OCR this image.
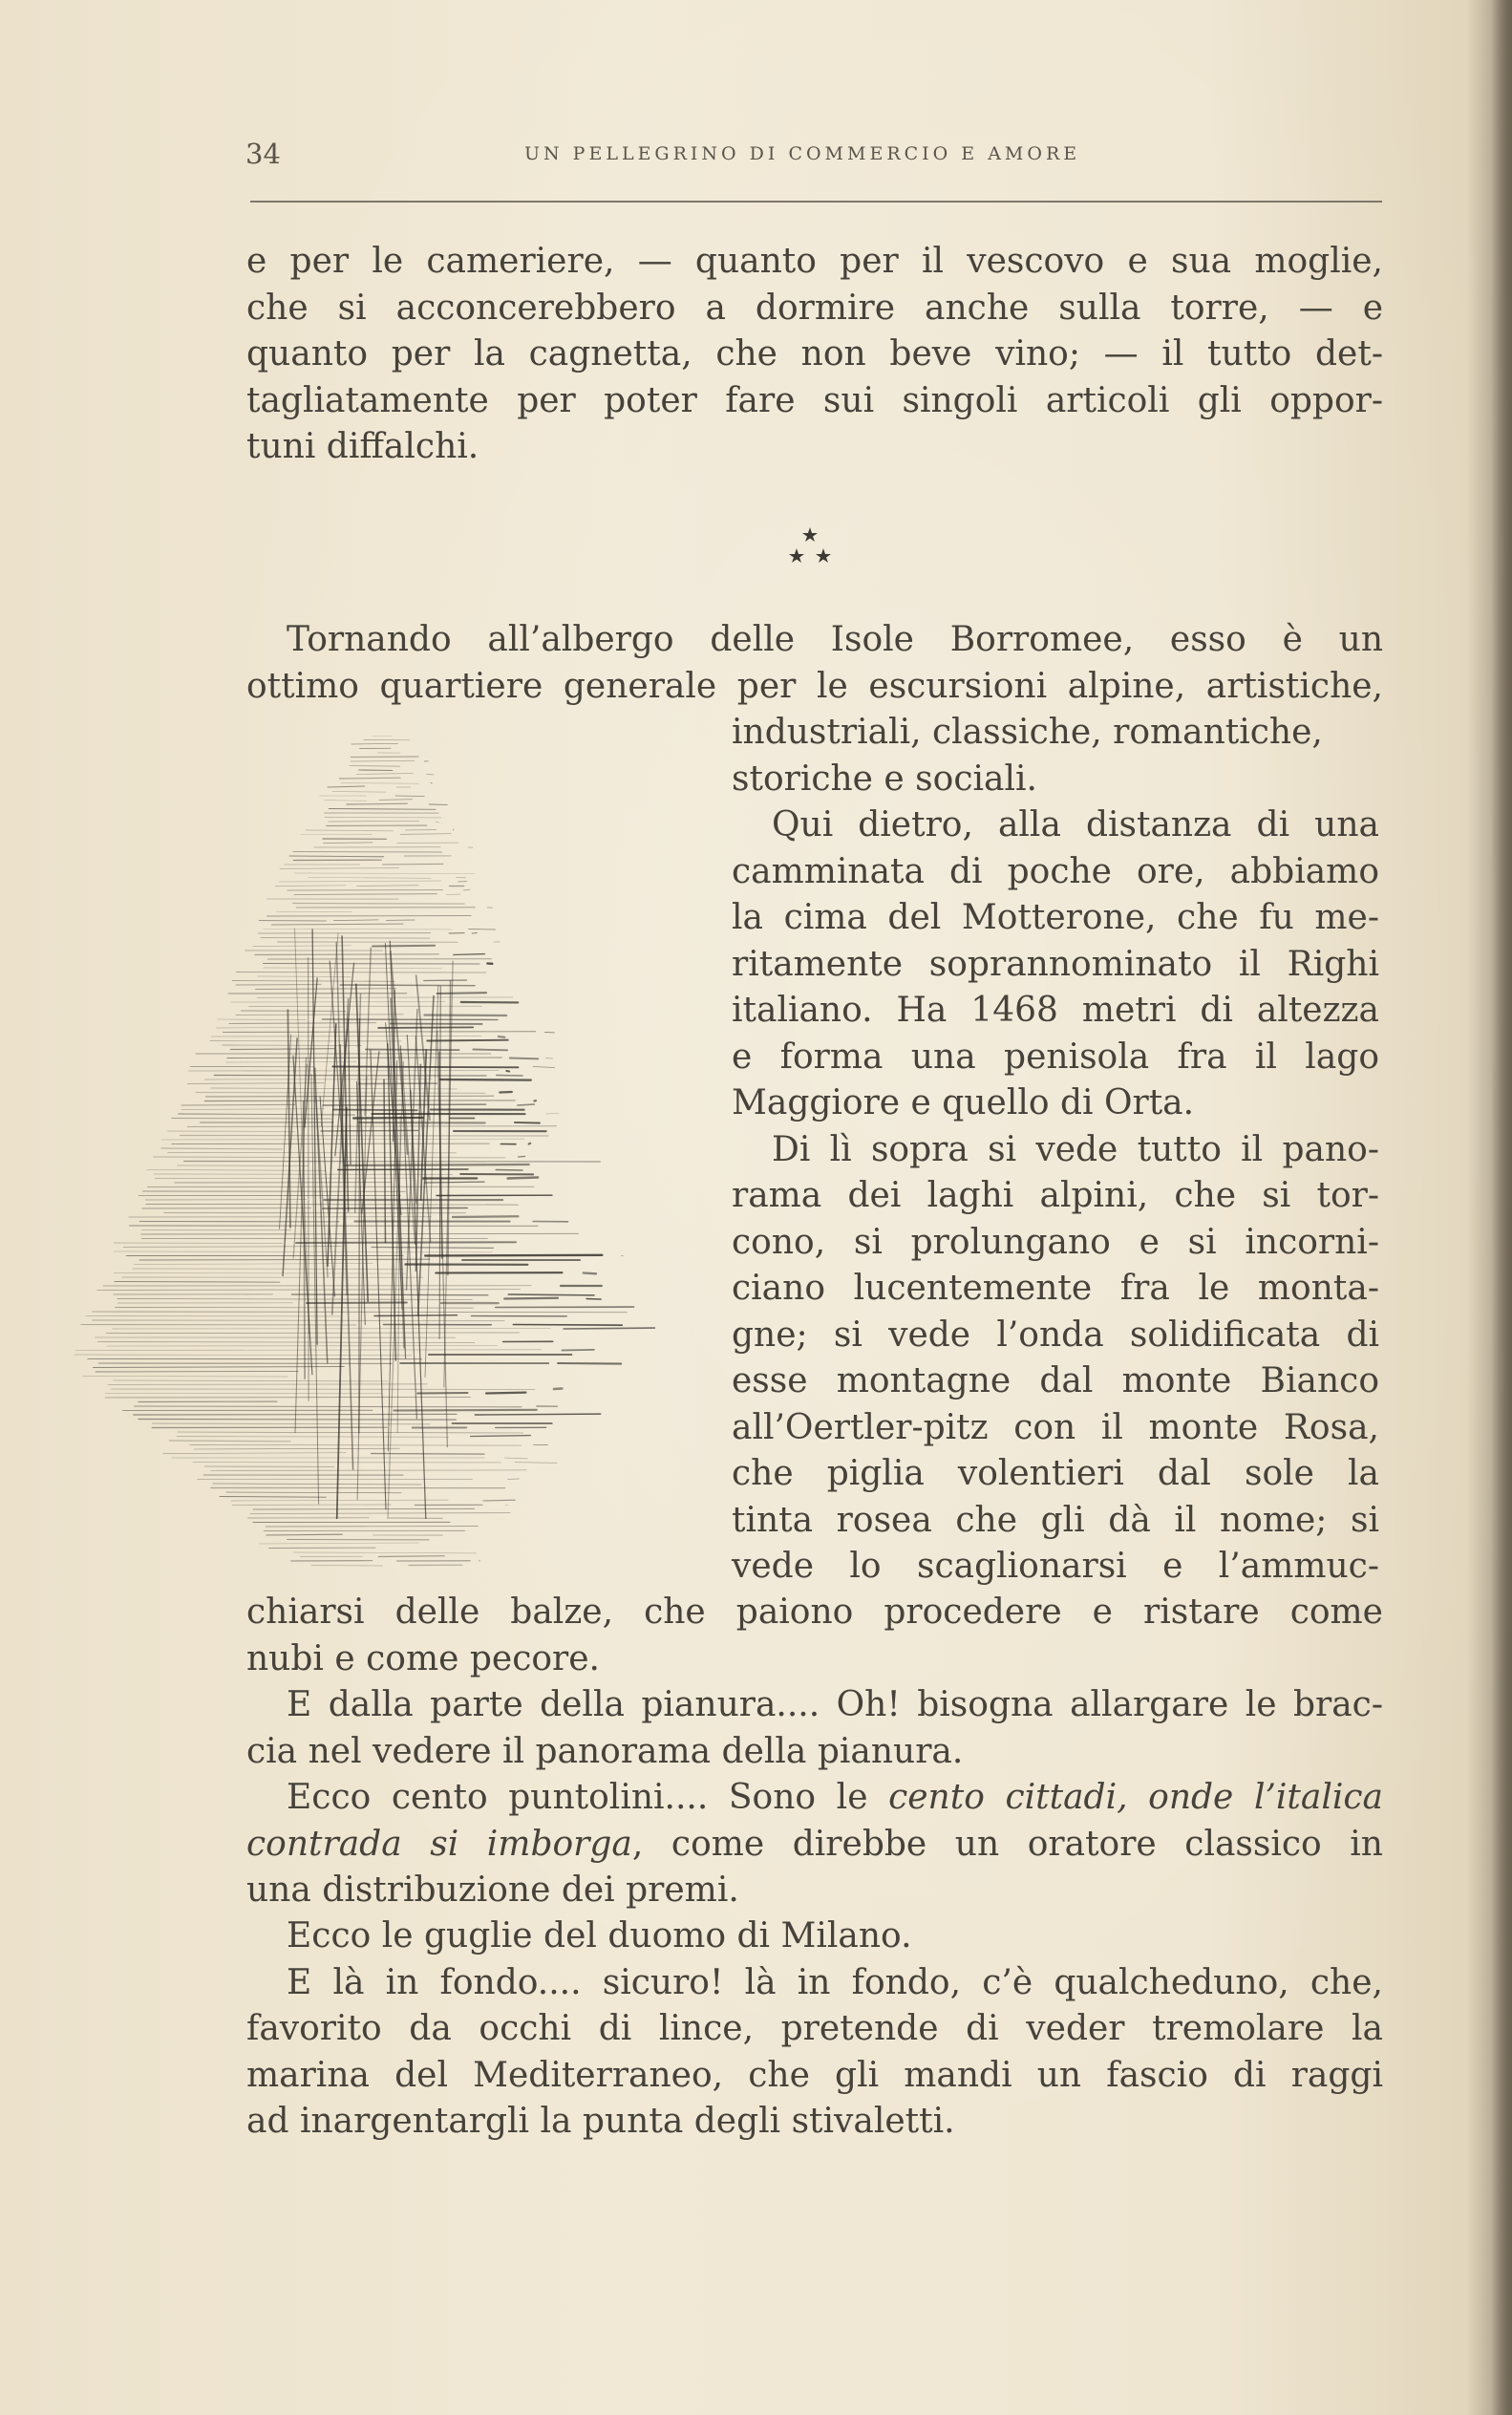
34	UN PELLEGRINO DI COMMERCIO E AMORE
e per le cameriere, — quanto per il vescovo e sua moglie,
che si acconcerebbero a dormire anche sulla torre, — e
quanto per la cagnetta, che non beve vino; — il tutto det-
tagliatamente per poter fare sui singoli articoli gli oppor-
tuni diffalchi.
Tornando all’albergo delle Isole Borromee, esso è un
ottimo quartiere generale per le escursioni alpine, artistiche,
industriali, classiche, romantiche,
storiche e sociali.
Qui dietro, alla distanza di una
camminata di poche ore, abbiamo
la cima del Motterone, che fu me-
ritamente soprannominato il Righi
italiano. Ha 1468 metri di altezza
e forma una penisola fra il lago
Maggiore e quello di Orta.
Di lì sopra si vede tutto il pano-
rama dei laghi alpini, che si tor-
cono, si prolungano e si incorni-
ciano lucentemente fra le monta-
gne; si vede l’onda solidificata di
esse montagne dal monte Bianco
all’Oertler-pitz con il monte Rosa,
che piglia volentieri dal sole la
tinta rosea che gli dà il nome; si
vede lo scaglionarsi e l’ammuc-
chiarsi delle balze, che paiono procedere e ristare come
nubi e come pecore.
E dalla parte della pianura.... Oh! bisogna allargare le brac-
cia nel vedere il panorama della pianura.
Ecco cento puntolini.... Sono le cento cittadi, onde l’italica
contrada si imborga, come direbbe un oratore classico in
una distribuzione dei premi.
Ecco le guglie del duomo di Milano.
E là in fondo.... sicuro! là in fondo, c’è qualcheduno, che,
favorito da occhi di lince, pretende di veder tremolare la
marina del Mediterraneo, che gli mandi un fascio di raggi
ad inargentargli la punta degli stivaletti.
